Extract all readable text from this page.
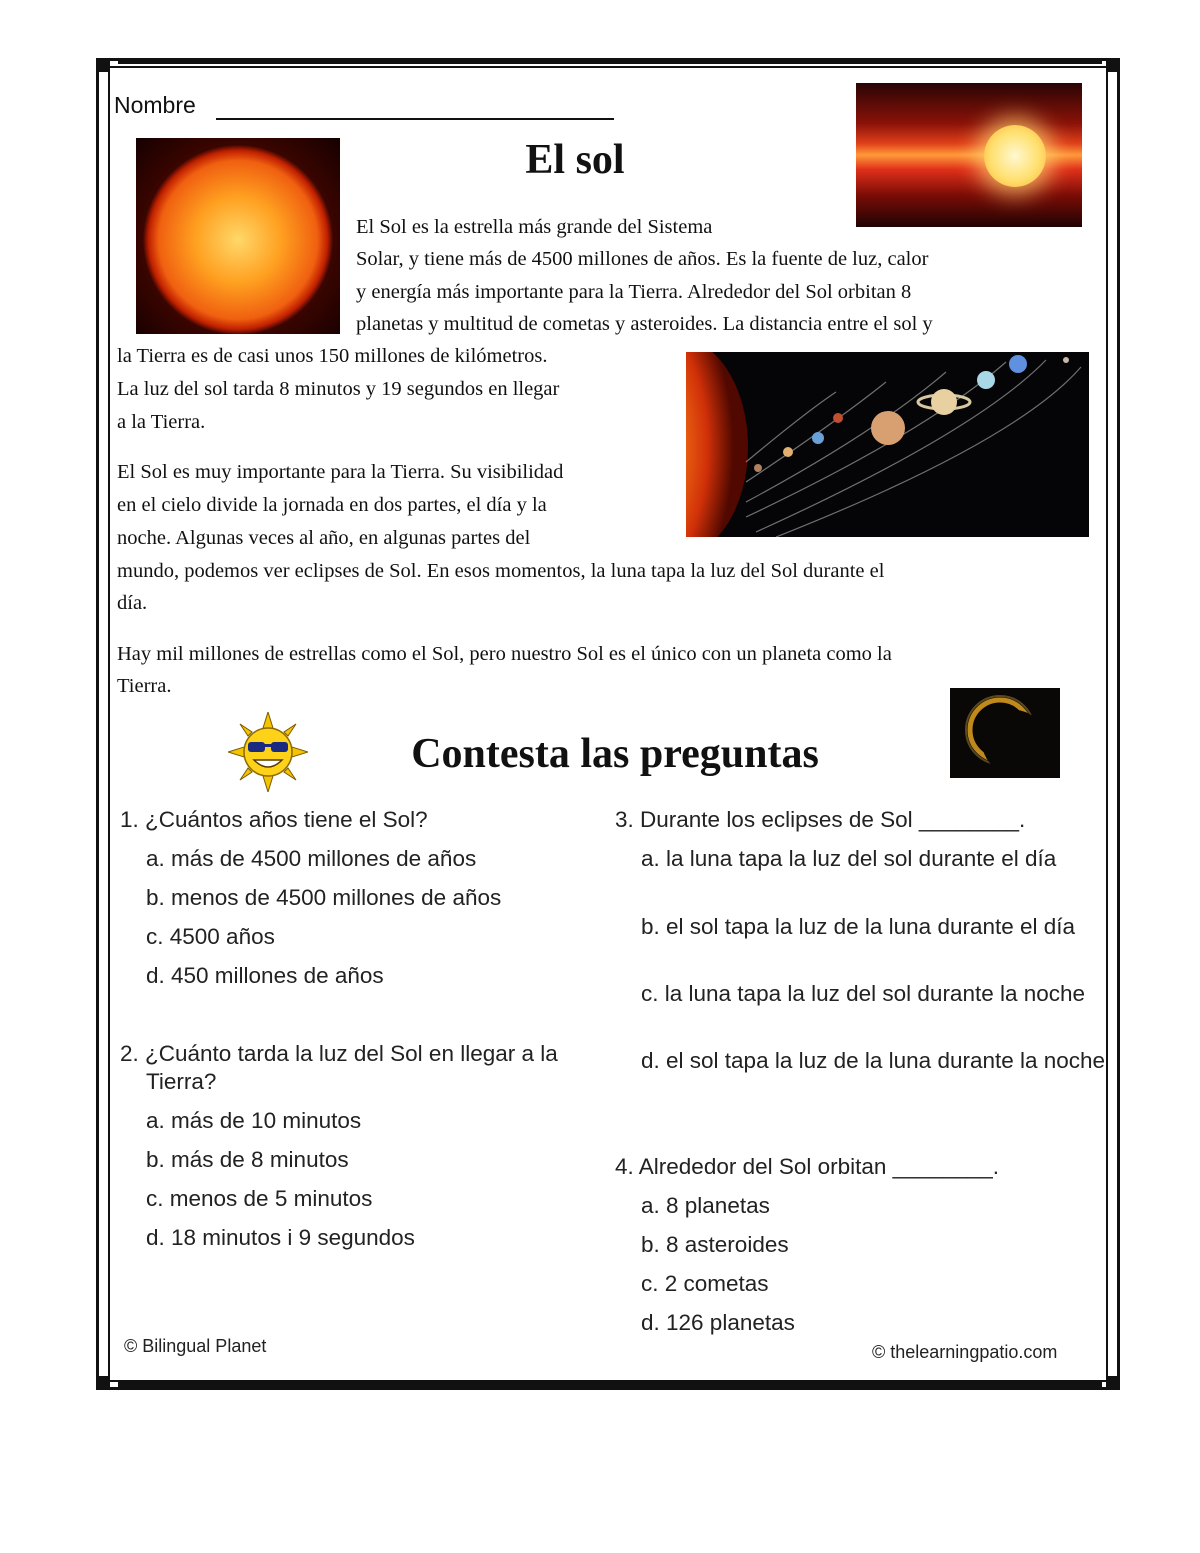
Nombre
El sol

El Sol es la estrella más grande del Sistema

Solar, y tiene más de 4500 millones de años. Es la fuente de luz, calor

y energía más importante para la Tierra. Alrededor del Sol orbitan 8

planetas y multitud de cometas y asteroides. La distancia entre el sol y

la Tierra es de casi unos 150 millones de kilómetros.

La luz del sol tarda 8 minutos y 19 segundos en llegar

a la Tierra.

El Sol es muy importante para la Tierra. Su visibilidad

en el cielo divide la jornada en dos partes, el día y la

noche. Algunas veces al año, en algunas partes del

mundo, podemos ver eclipses de Sol. En esos momentos, la luna tapa la luz del Sol durante el

día.

Hay mil millones de estrellas como el Sol, pero nuestro Sol es el único con un planeta como la

Tierra.

Contesta las preguntas

1. ¿Cuántos años tiene el Sol?

a. más de 4500 millones de años

b. menos de 4500 millones de años

c. 4500 años

d. 450 millones de años

2. ¿Cuánto tarda la luz del Sol en llegar a la Tierra?

a. más de 10 minutos

b. más de 8 minutos

c. menos de 5 minutos

d. 18 minutos i 9 segundos

3. Durante los eclipses de Sol ________.

a. la luna tapa la luz del sol durante el día

b. el sol tapa la luz de la luna durante el día

c. la luna tapa la luz del sol durante la noche

d. el sol tapa la luz de la luna durante la noche

4. Alrededor del Sol orbitan ________.

a. 8 planetas

b. 8 asteroides

c. 2 cometas

d. 126 planetas

© Bilingual Planet	© thelearningpatio.com
